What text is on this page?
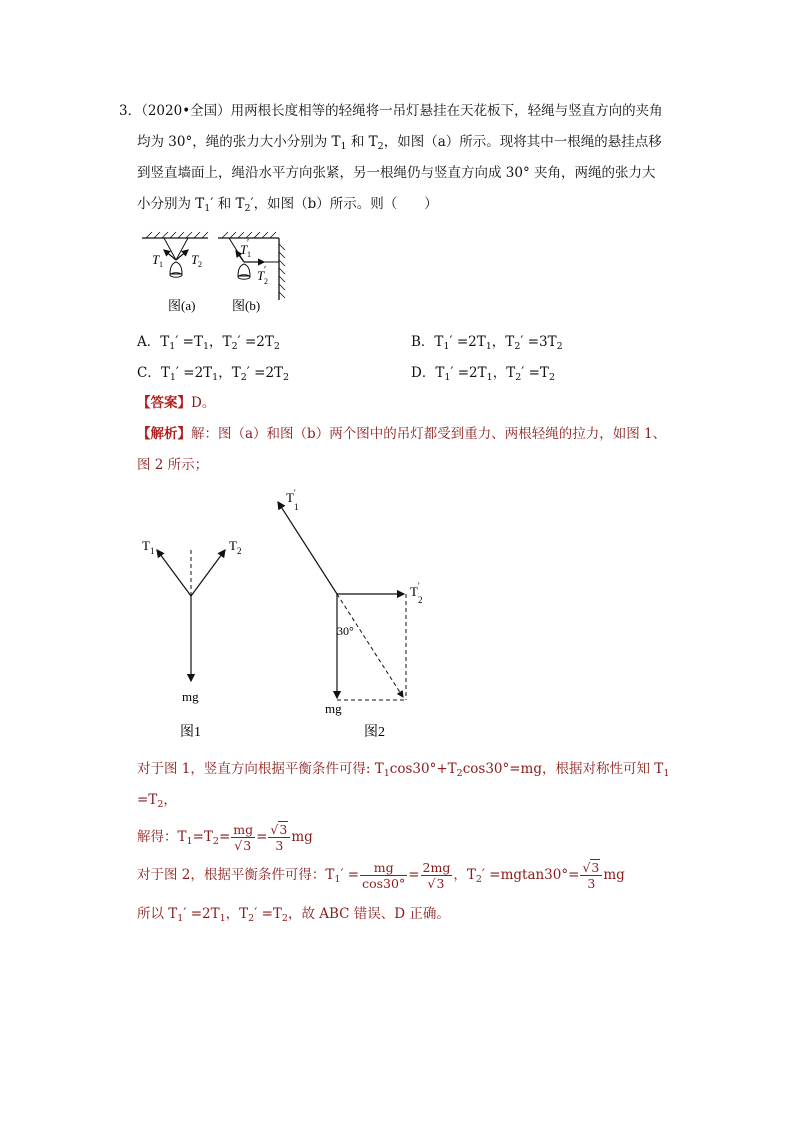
3．（2020•全国）用两根长度相等的轻绳将一吊灯悬挂在天花板下，轻绳与竖直方向的夹角
均为 30°，绳的张力大小分别为 $T_1$ 和 $T_2$，如图（a）所示。现将其中一根绳的悬挂点移
到竖直墙面上，绳沿水平方向张紧，另一根绳仍与竖直方向成 30° 夹角，两绳的张力大
小分别为 $T_1'$ 和 $T_2'$，如图（b）所示。则（　　）
T 1 T 2
图(a)
T 1
′
T 2
′
图(b)
A．$T_1' =T_1$，$T_2' =2T_2$	B．$T_1' =2T_1$，$T_2' =3T_2$
C．$T_1' =2T_1$，$T_2' =2T_2$	D．$T_1' =2T_1$，$T_2' =T_2$
【答案】D。
【解析】解：图（a）和图（b）两个图中的吊灯都受到重力、两根轻绳的拉力，如图 1、
图 2 所示；
T 1	T 2
mg
图1
T '
1
T '
2
30°
mg
图2
对于图 1，竖直方向根据平衡条件可得: $T_1\cos 30^\circ+T_2\cos 30^\circ=mg$，根据对称性可知 $T_1$
$=T_2$，
解得：$T_1=T_2= \frac{mg}{√3} = \frac{√3}{3}$ mg
对于图 2，根据平衡条件可得：$T_1' = \frac{mg}{\cos 30^\circ} = \frac{2mg}{√3}$ ，$T_2' =mgtan30^\circ= \frac{√3}{3}$ mg
所以 $T_1' =2T_1$，$T_2' =T_2$，故 ABC 错误、D 正确。
